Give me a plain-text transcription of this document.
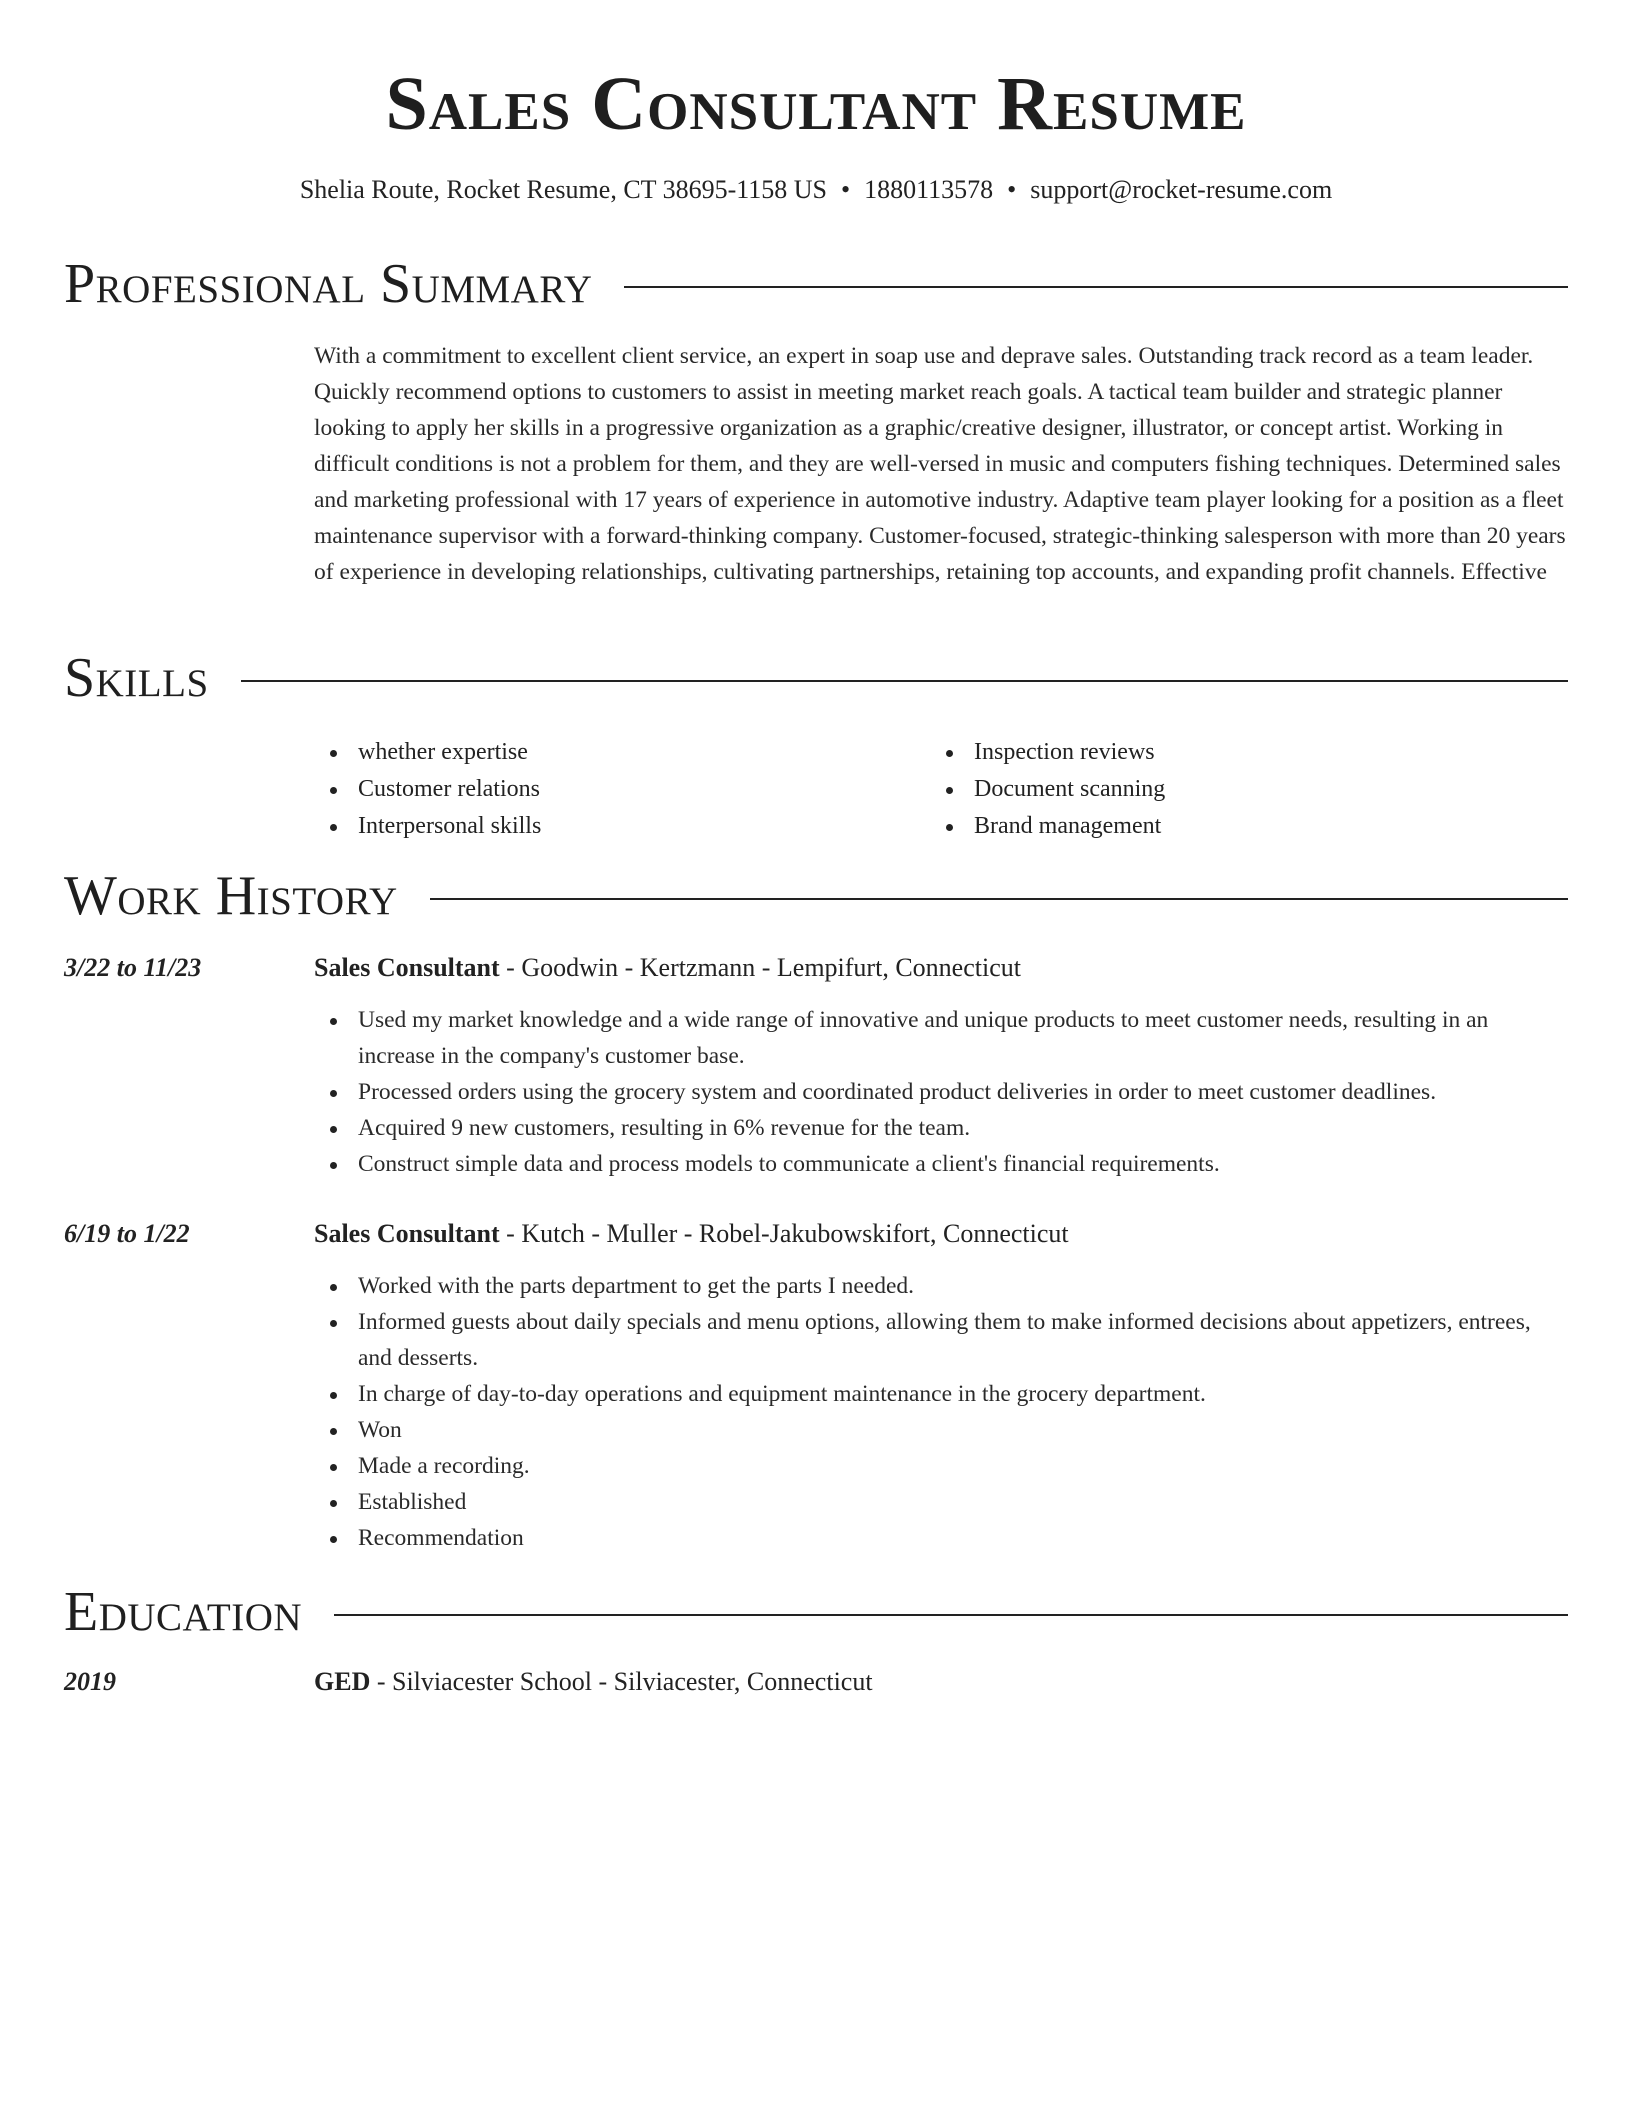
Sales Consultant Resume
Shelia Route, Rocket Resume, CT 38695-1158 US • 1880113578 • support@rocket-resume.com
Professional Summary

With a commitment to excellent client service, an expert in soap use and deprave sales. Outstanding track record as a team leader. Quickly recommend options to customers to assist in meeting market reach goals. A tactical team builder and strategic planner looking to apply her skills in a progressive organization as a graphic/creative designer, illustrator, or concept artist. Working in difficult conditions is not a problem for them, and they are well-versed in music and computers fishing techniques. Determined sales and marketing professional with 17 years of experience in automotive industry. Adaptive team player looking for a position as a fleet maintenance supervisor with a forward-thinking company. Customer-focused, strategic-thinking salesperson with more than 20 years of experience in developing relationships, cultivating partnerships, retaining top accounts, and expanding profit channels. Effective

Skills
whether expertise
Customer relations
Interpersonal skills
Inspection reviews
Document scanning
Brand management
Work History
3/22 to 11/23	Sales Consultant - Goodwin - Kertzmann - Lempifurt, Connecticut
Used my market knowledge and a wide range of innovative and unique products to meet customer needs, resulting in an increase in the company's customer base.
Processed orders using the grocery system and coordinated product deliveries in order to meet customer deadlines.
Acquired 9 new customers, resulting in 6% revenue for the team.
Construct simple data and process models to communicate a client's financial requirements.
6/19 to 1/22	Sales Consultant - Kutch - Muller - Robel-Jakubowskifort, Connecticut
Worked with the parts department to get the parts I needed.
Informed guests about daily specials and menu options, allowing them to make informed decisions about appetizers, entrees, and desserts.
In charge of day-to-day operations and equipment maintenance in the grocery department.
Won
Made a recording.
Established
Recommendation
Education
2019	GED - Silviacester School - Silviacester, Connecticut
